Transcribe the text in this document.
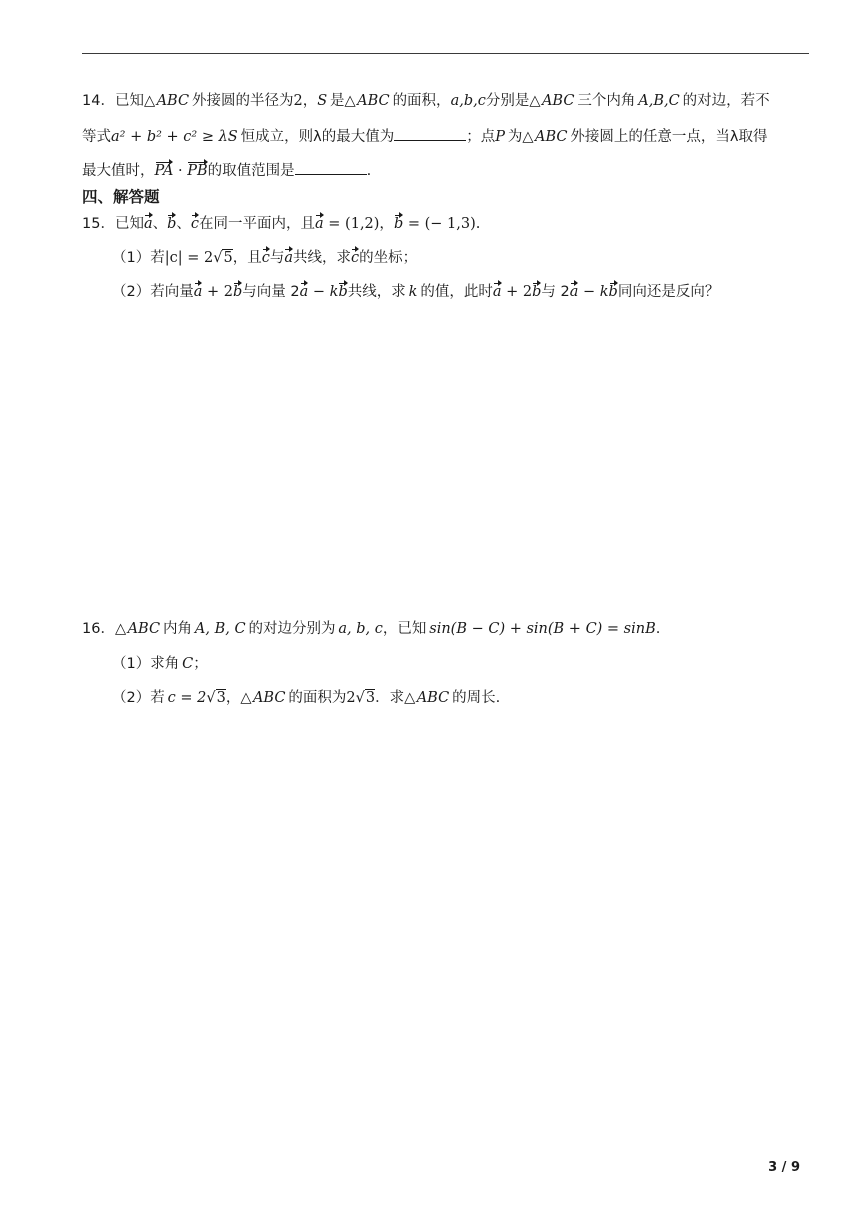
14．已知△ ABC  外接圆的半径为2，S  是△ ABC  的面积，a,b,c分别是△ ABC  三个内角  A,B,C  的对边，若不
等式a² + b² + c² ≥ λS  恒成立，则λ的最大值为	；点P  为△ ABC  外接圆上的任意一点，当λ取得
最大值时，PA · PB的取值范围是	.
四、解答题
15．已知a、b、c在同一平面内，且a = (1,2)，b = (− 1,3).
（1）若|c| = 2√5，且c与a共线，求c的坐标；
（2）若向量a + 2b与向量 2a − kb共线，求  k  的值，此时a + 2b与 2a − kb同向还是反向？
16．△ ABC  内角  A, B, C  的对边分别为  a, b, c，已知  sin(B − C) + sin(B + C) = sinB.
（1）求角  C；
（2）若  c = 2√3，△ ABC  的面积为2√3．求△ ABC  的周长.
3 / 9
